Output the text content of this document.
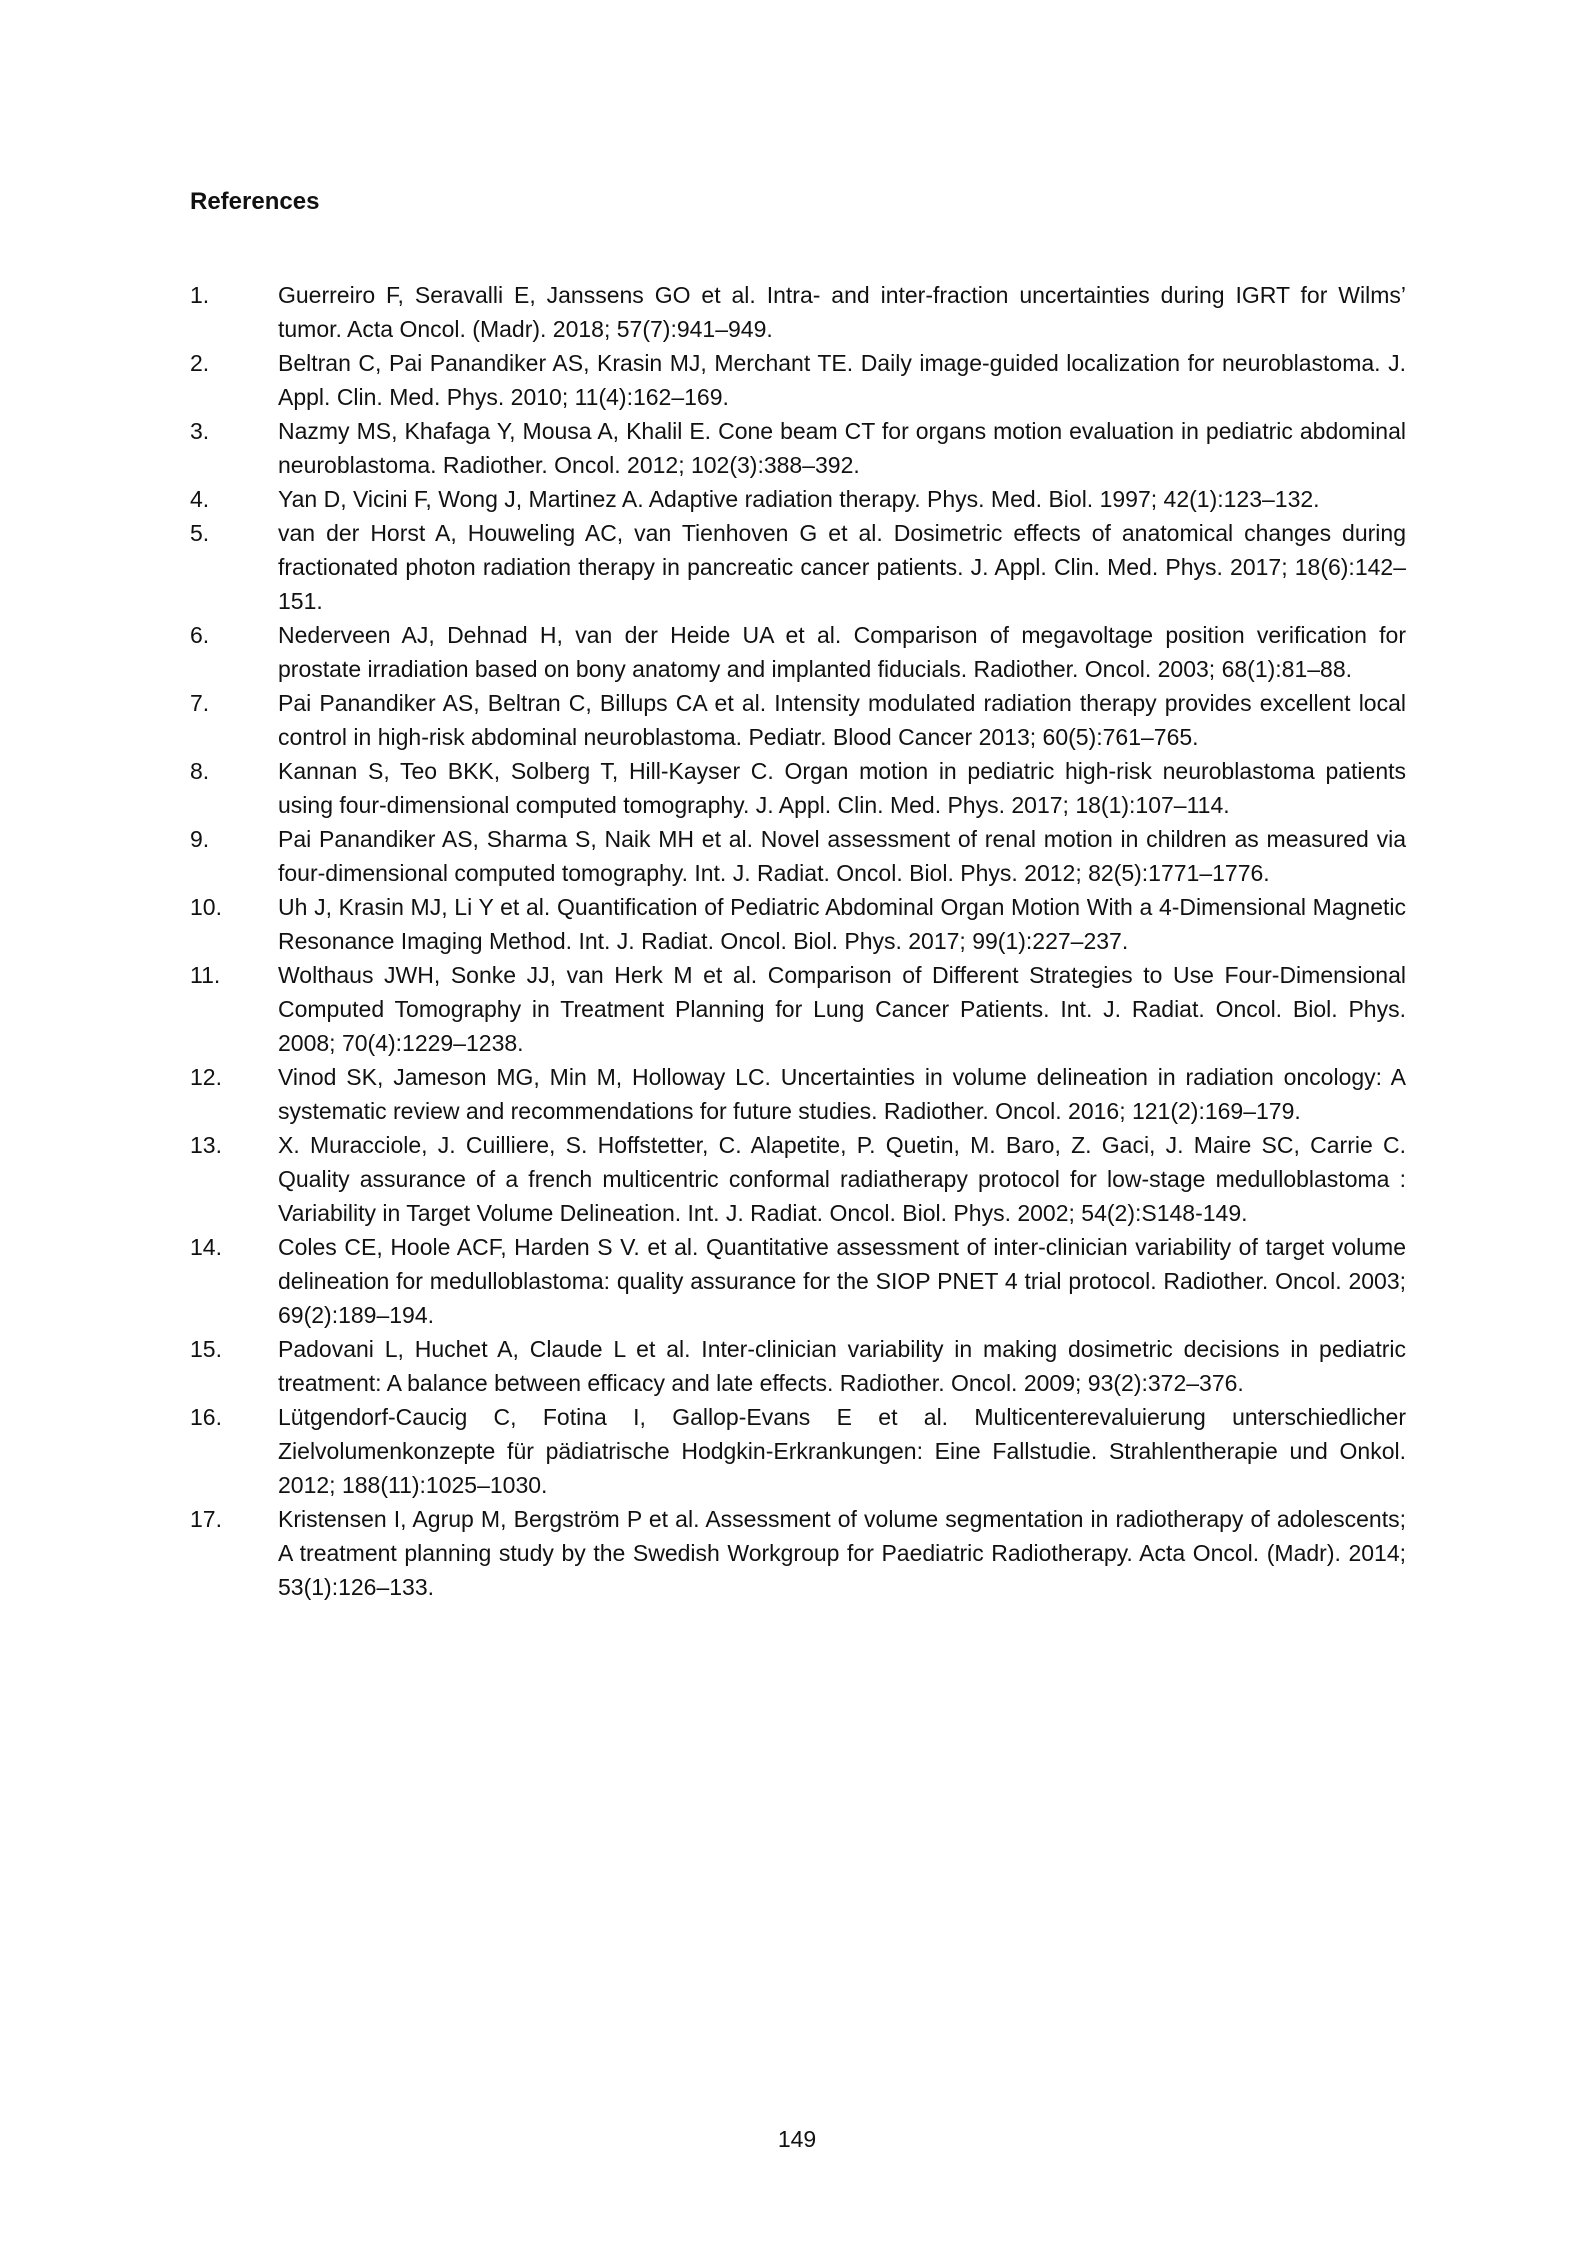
References
1.	Guerreiro F, Seravalli E, Janssens GO et al. Intra- and inter-fraction uncertainties during IGRT for Wilms’ tumor. Acta Oncol. (Madr). 2018; 57(7):941–949.
2.	Beltran C, Pai Panandiker AS, Krasin MJ, Merchant TE. Daily image-guided localization for neuroblastoma. J. Appl. Clin. Med. Phys. 2010; 11(4):162–169.
3.	Nazmy MS, Khafaga Y, Mousa A, Khalil E. Cone beam CT for organs motion evaluation in pediatric abdominal neuroblastoma. Radiother. Oncol. 2012; 102(3):388–392.
4.	Yan D, Vicini F, Wong J, Martinez A. Adaptive radiation therapy. Phys. Med. Biol. 1997; 42(1):123–132.
5.	van der Horst A, Houweling AC, van Tienhoven G et al. Dosimetric effects of anatomical changes during fractionated photon radiation therapy in pancreatic cancer patients. J. Appl. Clin. Med. Phys. 2017; 18(6):142–151.
6.	Nederveen AJ, Dehnad H, van der Heide UA et al. Comparison of megavoltage position verification for prostate irradiation based on bony anatomy and implanted fiducials. Radiother. Oncol. 2003; 68(1):81–88.
7.	Pai Panandiker AS, Beltran C, Billups CA et al. Intensity modulated radiation therapy provides excellent local control in high-risk abdominal neuroblastoma. Pediatr. Blood Cancer 2013; 60(5):761–765.
8.	Kannan S, Teo BKK, Solberg T, Hill-Kayser C. Organ motion in pediatric high-risk neuroblastoma patients using four-dimensional computed tomography. J. Appl. Clin. Med. Phys. 2017; 18(1):107–114.
9.	Pai Panandiker AS, Sharma S, Naik MH et al. Novel assessment of renal motion in children as measured via four-dimensional computed tomography. Int. J. Radiat. Oncol. Biol. Phys. 2012; 82(5):1771–1776.
10.	Uh J, Krasin MJ, Li Y et al. Quantification of Pediatric Abdominal Organ Motion With a 4-Dimensional Magnetic Resonance Imaging Method. Int. J. Radiat. Oncol. Biol. Phys. 2017; 99(1):227–237.
11.	Wolthaus JWH, Sonke JJ, van Herk M et al. Comparison of Different Strategies to Use Four-Dimensional Computed Tomography in Treatment Planning for Lung Cancer Patients. Int. J. Radiat. Oncol. Biol. Phys. 2008; 70(4):1229–1238.
12.	Vinod SK, Jameson MG, Min M, Holloway LC. Uncertainties in volume delineation in radiation oncology: A systematic review and recommendations for future studies. Radiother. Oncol. 2016; 121(2):169–179.
13.	X. Muracciole, J. Cuilliere, S. Hoffstetter, C. Alapetite, P. Quetin, M. Baro, Z. Gaci, J. Maire SC, Carrie C. Quality assurance of a french multicentric conformal radiatherapy protocol for low-stage medulloblastoma : Variability in Target Volume Delineation. Int. J. Radiat. Oncol. Biol. Phys. 2002; 54(2):S148-149.
14.	Coles CE, Hoole ACF, Harden S V. et al. Quantitative assessment of inter-clinician variability of target volume delineation for medulloblastoma: quality assurance for the SIOP PNET 4 trial protocol. Radiother. Oncol. 2003; 69(2):189–194.
15.	Padovani L, Huchet A, Claude L et al. Inter-clinician variability in making dosimetric decisions in pediatric treatment: A balance between efficacy and late effects. Radiother. Oncol. 2009; 93(2):372–376.
16.	Lütgendorf-Caucig C, Fotina I, Gallop-Evans E et al. Multicenterevaluierung unterschiedlicher Zielvolumenkonzepte für pädiatrische Hodgkin-Erkrankungen: Eine Fallstudie. Strahlentherapie und Onkol. 2012; 188(11):1025–1030.
17.	Kristensen I, Agrup M, Bergström P et al. Assessment of volume segmentation in radiotherapy of adolescents; A treatment planning study by the Swedish Workgroup for Paediatric Radiotherapy. Acta Oncol. (Madr). 2014; 53(1):126–133.
149
